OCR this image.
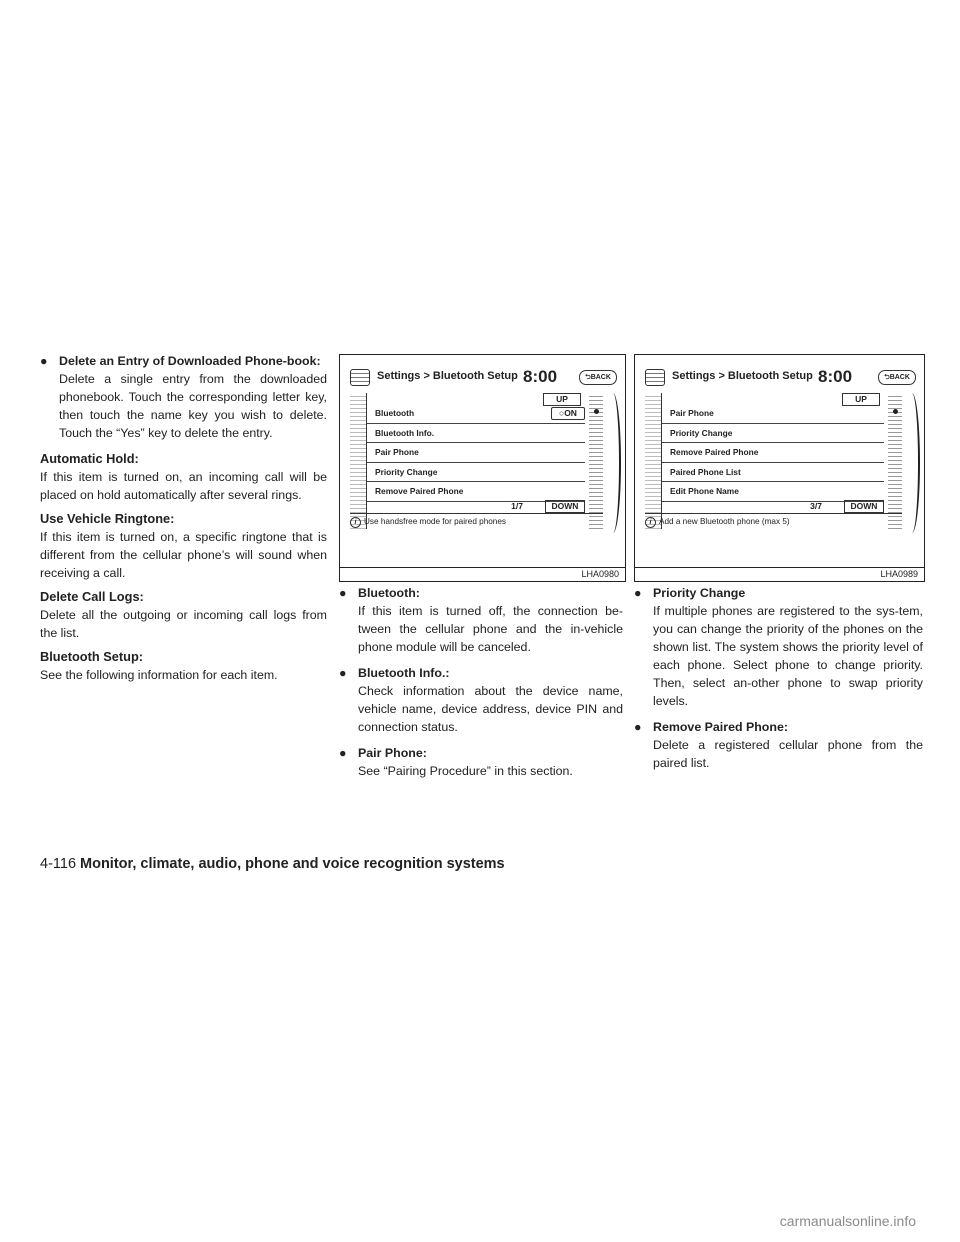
● Delete an Entry of Downloaded Phone-book:
Delete a single entry from the downloaded phonebook. Touch the corresponding letter key, then touch the name key you wish to delete. Touch the “Yes” key to delete the entry.
Automatic Hold:
If this item is turned on, an incoming call will be placed on hold automatically after several rings.
Use Vehicle Ringtone:
If this item is turned on, a specific ringtone that is different from the cellular phone’s will sound when receiving a call.
Delete Call Logs:
Delete all the outgoing or incoming call logs from the list.
Bluetooth Setup:
See the following information for each item.
Settings > Bluetooth Setup 8:00	⮌BACK
UP
Bluetooth	○ON
Bluetooth Info.
Pair Phone
Priority Change
Remove Paired Phone
1/7	DOWN
i Use handsfree mode for paired phones
LHA0980
Settings > Bluetooth Setup 8:00	⮌BACK
UP
Pair Phone
Priority Change
Remove Paired Phone
Paired Phone List
Edit Phone Name
3/7	DOWN
i Add a new Bluetooth phone (max 5)
LHA0989
● Bluetooth:
If this item is turned off, the connection be-tween the cellular phone and the in-vehicle phone module will be canceled.
● Bluetooth Info.:
Check information about the device name, vehicle name, device address, device PIN and connection status.
● Pair Phone:
See “Pairing Procedure” in this section.
● Priority Change
If multiple phones are registered to the sys-tem, you can change the priority of the phones on the shown list. The system shows the priority level of each phone. Select phone to change priority. Then, select an-other phone to swap priority levels.
● Remove Paired Phone:
Delete a registered cellular phone from the paired list.
4-116 Monitor, climate, audio, phone and voice recognition systems
carmanualsonline.info
